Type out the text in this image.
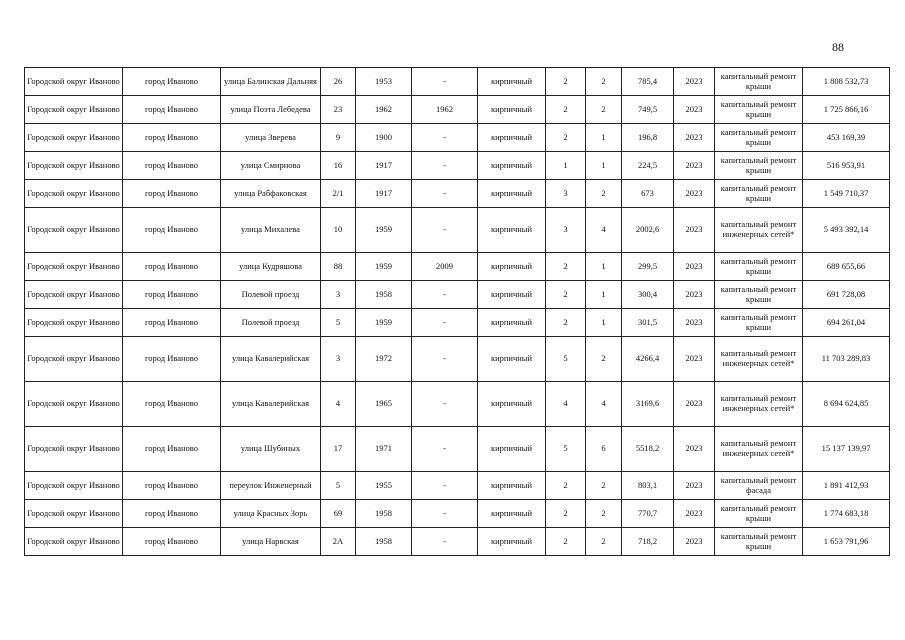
88
Городской округ Иваново	город Иваново	улица Балинская Дальняя	26	1953	-	кирпичный	2	2	785,4	2023	капитальный ремонт крыши	1 808 532,73
Городской округ Иваново	город Иваново	улица Поэта Лебедева	23	1962	1962	кирпичный	2	2	749,5	2023	капитальный ремонт крыши	1 725 866,16
Городской округ Иваново	город Иваново	улица Зверева	9	1900	-	кирпичный	2	1	196,8	2023	капитальный ремонт крыши	453 169,39
Городской округ Иваново	город Иваново	улица Смирнова	16	1917	-	кирпичный	1	1	224,5	2023	капитальный ремонт крыши	516 953,91
Городской округ Иваново	город Иваново	улица Рабфаковская	2/1	1917	-	кирпичный	3	2	673	2023	капитальный ремонт крыши	1 549 710,37
Городской округ Иваново	город Иваново	улица Михалева	10	1959	-	кирпичный	3	4	2002,6	2023	капитальный ремонт инженерных сетей*	5 493 392,14
Городской округ Иваново	город Иваново	улица Кудряшова	88	1959	2009	кирпичный	2	1	299,5	2023	капитальный ремонт крыши	689 655,66
Городской округ Иваново	город Иваново	Полевой проезд	3	1958	-	кирпичный	2	1	300,4	2023	капитальный ремонт крыши	691 728,08
Городской округ Иваново	город Иваново	Полевой проезд	5	1959	-	кирпичный	2	1	301,5	2023	капитальный ремонт крыши	694 261,04
Городской округ Иваново	город Иваново	улица Кавалерийская	3	1972	-	кирпичный	5	2	4266,4	2023	капитальный ремонт инженерных сетей*	11 703 289,83
Городской округ Иваново	город Иваново	улица Кавалерийская	4	1965	-	кирпичный	4	4	3169,6	2023	капитальный ремонт инженерных сетей*	8 694 624,85
Городской округ Иваново	город Иваново	улица Шубиных	17	1971	-	кирпичный	5	6	5518,2	2023	капитальный ремонт инженерных сетей*	15 137 139,97
Городской округ Иваново	город Иваново	переулок Инженерный	5	1955	-	кирпичный	2	2	803,1	2023	капитальный ремонт фасада	1 891 412,93
Городской округ Иваново	город Иваново	улица Красных Зорь	69	1958	-	кирпичный	2	2	770,7	2023	капитальный ремонт крыши	1 774 683,18
Городской округ Иваново	город Иваново	улица Нарвская	2А	1958	-	кирпичный	2	2	718,2	2023	капитальный ремонт крыши	1 653 791,96
